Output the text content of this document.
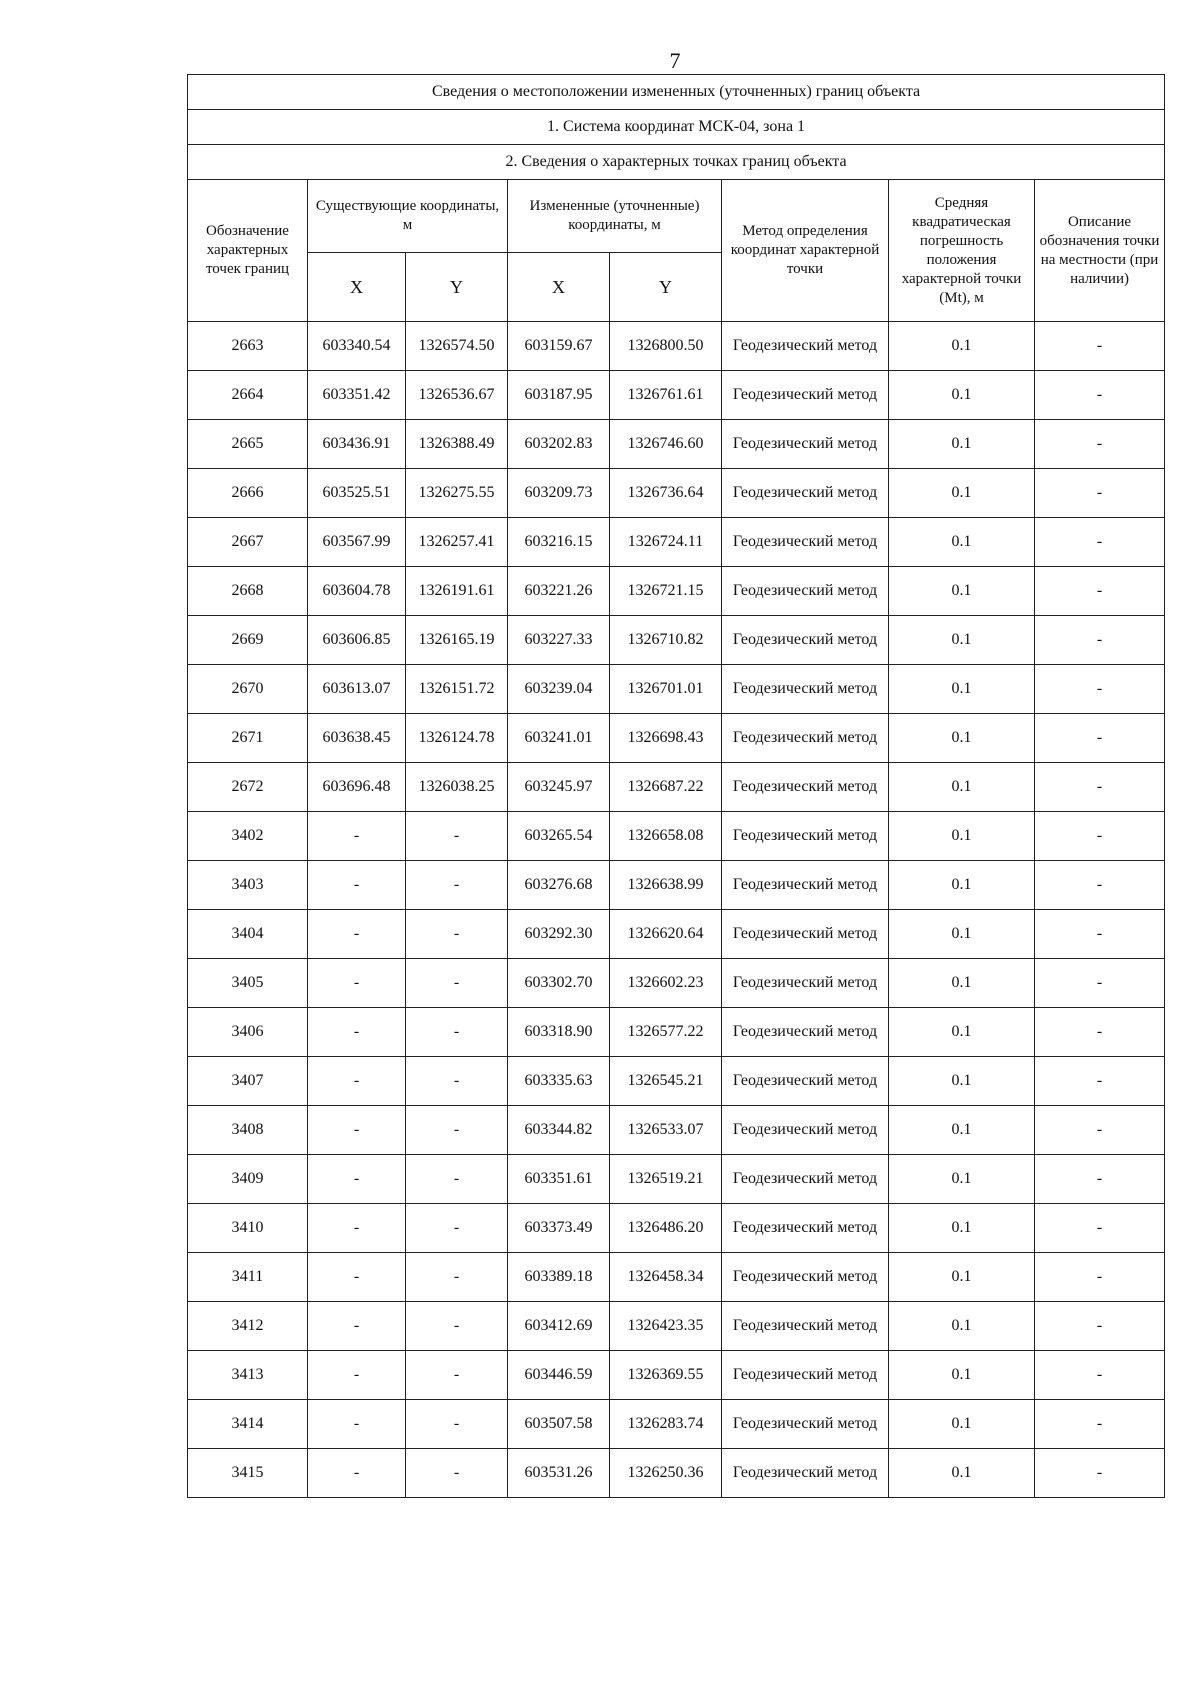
7
Сведения о местоположении измененных (уточненных) границ объекта							
1. Система координат МСК-04, зона 1							
2. Сведения о характерных точках границ объекта							
Обозначение характерных точек границ	Существующие координаты, м		Измененные (уточненные) координаты, м		Метод определения координат характерной точки	Средняя квадратическая погрешность положения характерной точки (Mt), м	Описание обозначения точки на местности (при наличии)
	X	Y	X	Y			
2663	603340.54	1326574.50	603159.67	1326800.50	Геодезический метод	0.1	-
2664	603351.42	1326536.67	603187.95	1326761.61	Геодезический метод	0.1	-
2665	603436.91	1326388.49	603202.83	1326746.60	Геодезический метод	0.1	-
2666	603525.51	1326275.55	603209.73	1326736.64	Геодезический метод	0.1	-
2667	603567.99	1326257.41	603216.15	1326724.11	Геодезический метод	0.1	-
2668	603604.78	1326191.61	603221.26	1326721.15	Геодезический метод	0.1	-
2669	603606.85	1326165.19	603227.33	1326710.82	Геодезический метод	0.1	-
2670	603613.07	1326151.72	603239.04	1326701.01	Геодезический метод	0.1	-
2671	603638.45	1326124.78	603241.01	1326698.43	Геодезический метод	0.1	-
2672	603696.48	1326038.25	603245.97	1326687.22	Геодезический метод	0.1	-
3402	-	-	603265.54	1326658.08	Геодезический метод	0.1	-
3403	-	-	603276.68	1326638.99	Геодезический метод	0.1	-
3404	-	-	603292.30	1326620.64	Геодезический метод	0.1	-
3405	-	-	603302.70	1326602.23	Геодезический метод	0.1	-
3406	-	-	603318.90	1326577.22	Геодезический метод	0.1	-
3407	-	-	603335.63	1326545.21	Геодезический метод	0.1	-
3408	-	-	603344.82	1326533.07	Геодезический метод	0.1	-
3409	-	-	603351.61	1326519.21	Геодезический метод	0.1	-
3410	-	-	603373.49	1326486.20	Геодезический метод	0.1	-
3411	-	-	603389.18	1326458.34	Геодезический метод	0.1	-
3412	-	-	603412.69	1326423.35	Геодезический метод	0.1	-
3413	-	-	603446.59	1326369.55	Геодезический метод	0.1	-
3414	-	-	603507.58	1326283.74	Геодезический метод	0.1	-
3415	-	-	603531.26	1326250.36	Геодезический метод	0.1	-
